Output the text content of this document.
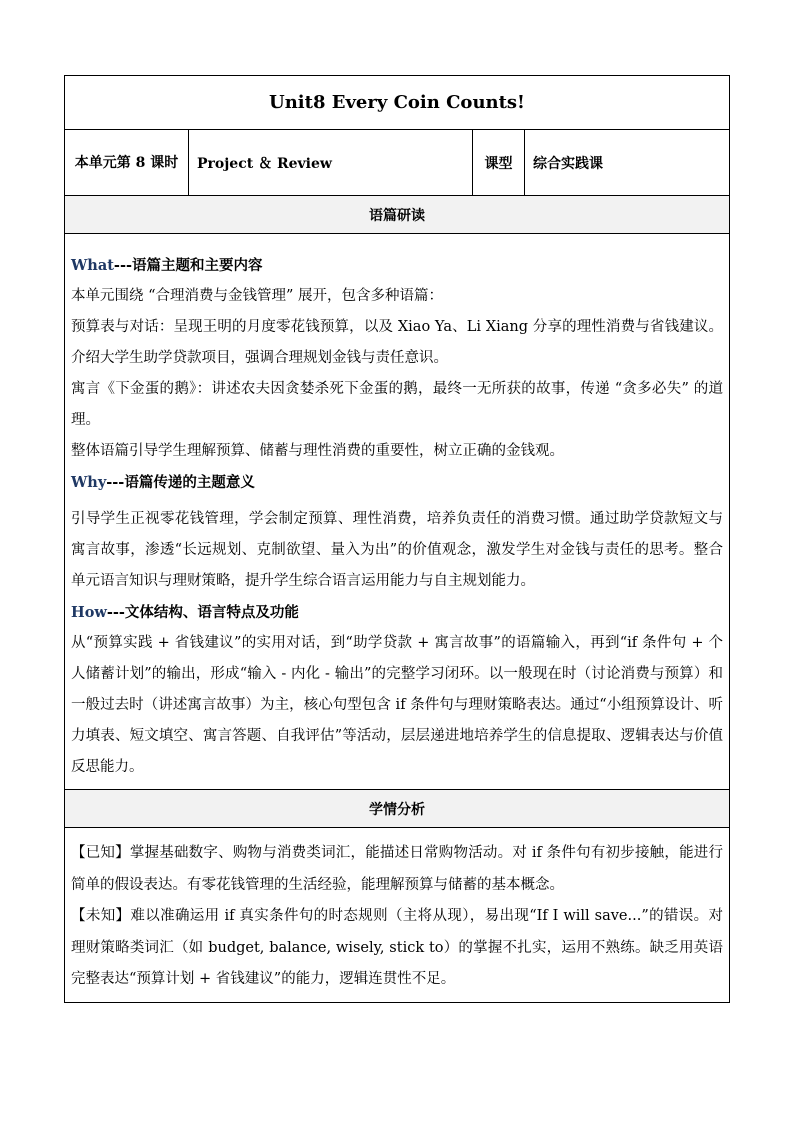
Unit8 Every Coin Counts!
本单元第 8 课时	Project ＆ Review	课型	综合实践课
语篇研读

What---语篇主题和主要内容

本单元围绕 “合理消费与金钱管理” 展开，包含多种语篇：

预算表与对话：呈现王明的月度零花钱预算，以及 Xiao Ya、Li Xiang 分享的理性消费与省钱建议。介绍大学生助学贷款项目，强调合理规划金钱与责任意识。

寓言《下金蛋的鹅》：讲述农夫因贪婪杀死下金蛋的鹅，最终一无所获的故事，传递 “贪多必失” 的道理。

整体语篇引导学生理解预算、储蓄与理性消费的重要性，树立正确的金钱观。

Why---语篇传递的主题意义

引导学生正视零花钱管理，学会制定预算、理性消费，培养负责任的消费习惯。通过助学贷款短文与寓言故事，渗透“长远规划、克制欲望、量入为出”的价值观念，激发学生对金钱与责任的思考。整合单元语言知识与理财策略，提升学生综合语言运用能力与自主规划能力。

How---文体结构、语言特点及功能

从“预算实践 + 省钱建议”的实用对话，到“助学贷款 + 寓言故事”的语篇输入，再到“if 条件句 + 个人储蓄计划”的输出，形成“输入 - 内化 - 输出”的完整学习闭环。以一般现在时（讨论消费与预算）和一般过去时（讲述寓言故事）为主，核心句型包含 if 条件句与理财策略表达。通过“小组预算设计、听力填表、短文填空、寓言答题、自我评估”等活动，层层递进地培养学生的信息提取、逻辑表达与价值反思能力。

学情分析

【已知】掌握基础数字、购物与消费类词汇，能描述日常购物活动。对 if 条件句有初步接触，能进行简单的假设表达。有零花钱管理的生活经验，能理解预算与储蓄的基本概念。

【未知】难以准确运用 if 真实条件句的时态规则（主将从现），易出现“If I will save...”的错误。对理财策略类词汇（如 budget, balance, wisely, stick to）的掌握不扎实，运用不熟练。缺乏用英语完整表达“预算计划 + 省钱建议”的能力，逻辑连贯性不足。
